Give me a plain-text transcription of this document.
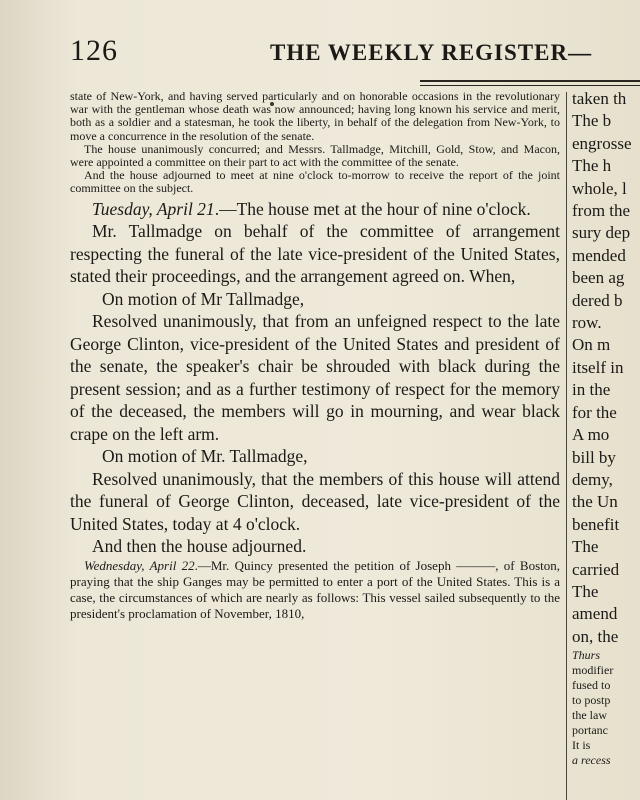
126	THE WEEKLY REGISTER—

state of New-York, and having served particularly and on honorable occasions in the revolutionary war with the gentleman whose death was now announced; having long known his service and merit, both as a soldier and a statesman, he took the liberty, in behalf of the delegation from New-York, to move a concurrence in the resolution of the senate.

The house unanimously concurred; and Messrs. Tallmadge, Mitchill, Gold, Stow, and Macon, were appointed a committee on their part to act with the committee of the senate.

And the house adjourned to meet at nine o'clock to-morrow to receive the report of the joint committee on the subject.

Tuesday, April 21.—The house met at the hour of nine o'clock.

Mr. Tallmadge on behalf of the committee of arrangement respecting the funeral of the late vice-president of the United States, stated their proceedings, and the arrangement agreed on. When,

On motion of Mr Tallmadge,

Resolved unanimously, that from an unfeigned respect to the late George Clinton, vice-president of the United States and president of the senate, the speaker's chair be shrouded with black during the present session; and as a further testimony of respect for the memory of the deceased, the members will go in mourning, and wear black crape on the left arm.

On motion of Mr. Tallmadge,

Resolved unanimously, that the members of this house will attend the funeral of George Clinton, deceased, late vice-president of the United States, today at 4 o'clock.

And then the house adjourned.

Wednesday, April 22.—Mr. Quincy presented the petition of Joseph ———, of Boston, praying that the ship Ganges may be permitted to enter a port of the United States. This is a case, the circumstances of which are nearly as follows: This vessel sailed subsequently to the president's proclamation of November, 1810,

taken th
The b
engrosse
The h
whole, l
from the
sury dep
mended
been ag
dered b
row.
On m
itself in
in the
for the
A mo
bill by
demy,
the Un
benefit
The
carried
The
amend
on, the
Thurs
modifier
fused to
to postp
the law
portanc
It is
a recess
